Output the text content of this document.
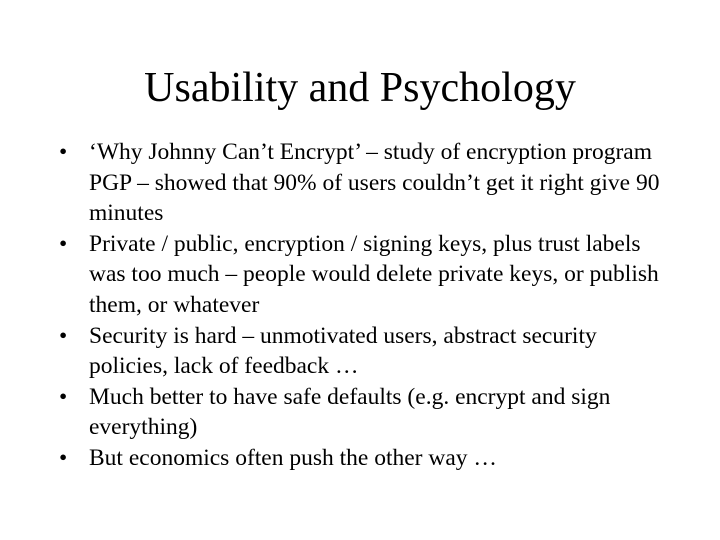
Usability and Psychology
• ‘Why Johnny Can’t Encrypt’ – study of encryption program PGP – showed that 90% of users couldn’t get it right give 90 minutes
• Private / public, encryption / signing keys, plus trust labels was too much – people would delete private keys, or publish them, or whatever
• Security is hard – unmotivated users, abstract security policies, lack of feedback …
• Much better to have safe defaults (e.g. encrypt and sign everything)
• But economics often push the other way …
